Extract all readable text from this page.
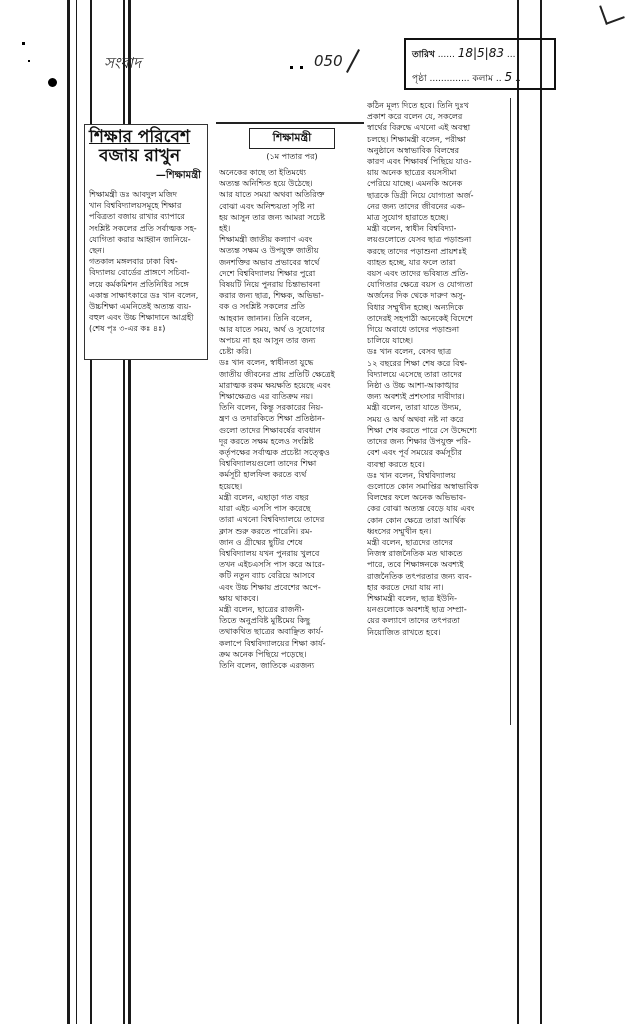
সংবাদ	050	তারিখ ...... 18|5|83 ...
পৃষ্ঠা .............. কলাম .. 5 ..
শিক্ষার পরিবেশ
বজায় রাখুন
—শিক্ষামন্ত্রী
শিক্ষামন্ত্রী ডঃ আবদুল মজিদ
খান বিশ্ববিদ্যালয়সমূহে শিক্ষার
পবিত্রতা বজায় রাখার ব্যাপারে
সংশ্লিষ্ট সকলের প্রতি সর্বাত্মক সহ-
যোগিতা করার আহ্বান জানিয়ে-
ছেন।
গতকাল মঙ্গলবার ঢাকা বিশ্ব-
বিদ্যালয় বোর্ডের প্রাঙ্গণে সচিবা-
লয়ে কর্মকমিশন প্রতিনিধির সঙ্গে
একান্ত সাক্ষাৎকারে ডঃ খান বলেন,
উচ্চশিক্ষা এমনিতেই অত্যন্ত ব্যয়-
বহুল এবং উচ্চ শিক্ষাদানে আগ্রহী
(শেষ পৃঃ ৩-এর কঃ ৪ঃ)
শিক্ষামন্ত্রী
(১ম পাতার পর)
অনেকের কাছে তা ইতিমধ্যে
অত্যন্ত অনিশ্চিত হয়ে উঠেছে।
আর যাতে সময়া অথবা অতিরিক্ত
বোঝা এবং অনিশ্চয়তা সৃষ্টি না
হয় আসুন তার জন্য আমরা সচেষ্ট
হই।
শিক্ষামন্ত্রী জাতীয় কল্যাণ এবং
অত্যন্ত সক্ষম ও উপযুক্ত জাতীয়
জনশক্তির অভাব প্রভাবের স্বার্থে
দেশে বিশ্ববিদ্যালয় শিক্ষার পুরো
বিষয়টি নিয়ে পুনরায় চিন্তাভাবনা
করার জন্য ছাত্র, শিক্ষক, অভিভা-
বক ও সংশ্লিষ্ট সকলের প্রতি
আহবান জানান। তিনি বলেন,
আর যাতে সময়, অর্থ ও সুযোগের
অপচয় না হয় আসুন তার জন্য
চেষ্টা করি।
ডঃ খান বলেন, স্বাধীনতা যুদ্ধে
জাতীয় জীবনের প্রায় প্রতিটি ক্ষেত্রেই
মারাত্মক রকম ক্ষয়ক্ষতি হয়েছে এবং
শিক্ষাক্ষেত্রও এর ব্যতিক্রম নয়।
তিনি বলেন, কিন্তু সরকারের নিয়-
ন্ত্রণ ও তদারকিতে শিক্ষা প্রতিষ্ঠান-
গুলো তাদের শিক্ষাবর্ষের ব্যবধান
দূর করতে সক্ষম হলেও সংশ্লিষ্ট
কর্তৃপক্ষের সর্বাত্মক প্রচেষ্টা সত্ত্বেও
বিশ্ববিদ্যালয়গুলো তাদের শিক্ষা
কর্মসূচী হালফিল করতে ব্যর্থ
হয়েছে।
মন্ত্রী বলেন, এছাড়া গত বছর
যারা এইচ এসসি পাস করেছে
তারা এখনো বিশ্ববিদ্যালয়ে তাদের
ক্লাস শুরু করতে পারেনি। রম-
জান ও গ্রীষ্মের ছুটির শেষে
বিশ্ববিদ্যালয় যখন পুনরায় খুলবে
তখন এইচএসসি পাস করে আরে-
কটি নতুন ব্যাচ বেরিয়ে আসবে
এবং উচ্চ শিক্ষায় প্রবেশের অপে-
ক্ষায় থাকবে।
মন্ত্রী বলেন, ছাত্রের রাজনী-
তিতে অনুপ্রবিষ্ট মুষ্টিমেয় কিছু
তথাকথিত ছাত্রের অবাঞ্ছিত কার্য-
কলাপে বিশ্ববিদ্যালয়ের শিক্ষা কার্য-
ক্রম অনেক পিছিয়ে পড়েছে।
তিনি বলেন, জাতিকে এরজন্য
কঠিন মূল্য দিতে হবে। তিনি দুঃখ
প্রকাশ করে বলেন যে, সকলের
স্বার্থের বিরুদ্ধে এখনো এই অবস্থা
চলছে। শিক্ষামন্ত্রী বলেন, পরীক্ষা
অনুষ্ঠানে অস্বাভাবিক বিলম্বের
কারণ এবং শিক্ষাবর্ষ পিছিয়ে যাও-
য়ায় অনেক ছাত্রের বয়সসীমা
পেরিয়ে যাচ্ছে। এমনকি অনেক
ছাত্রকে ডিগ্রী নিয়ে যোগ্যতা অর্জ-
নের জন্য তাদের জীবনের এক-
মাত্র সুযোগ হারাতে হচ্ছে।
মন্ত্রী বলেন, স্বাধীন বিশ্ববিদ্যা-
লয়গুলোতে যেসব ছাত্র পড়াশুনা
করছে তাদের পড়াশুনা প্রায়শঃই
ব্যাহত হচ্ছে, যার ফলে তারা
বয়স এবং তাদের ভবিষ্যত প্রতি-
যোগিতার ক্ষেত্রে বয়স ও যোগ্যতা
অর্জনের দিক থেকে দারুণ অসু-
বিধার সম্মুখীন হচ্ছে। অন্যদিকে
তাদেরই সহপাঠী অনেকেই বিদেশে
গিয়ে অবাধে তাদের পড়াশুনা
চালিয়ে যাচ্ছে।
ডঃ খান বলেন, বেসব ছাত্র
১২ বছরের শিক্ষা শেষ করে বিশ্ব-
বিদ্যালয়ে এসেছে তারা তাদের
নিষ্ঠা ও উচ্চ আশা-আকাঙ্খার
জন্য অবশ্যই প্রশংসার দাবীদার।
মন্ত্রী বলেন, তারা যাতে উদ্যম,
সময় ও অর্থ অথবা নষ্ট না করে
শিক্ষা শেষ করতে পারে সে উদ্দেশ্যে
তাদের জন্য শিক্ষার উপযুক্ত পরি-
বেশ এবং পূর্ব সময়ের কর্মসূচীর
ব্যবস্থা করতে হবে।
ডঃ খান বলেন, বিশ্ববিদ্যালয়
গুলোতে কোন সমাপ্তির অস্বাভাবিক
বিলম্বের ফলে অনেক অভিভাব-
কের বোঝা অত্যন্ত বেড়ে যায় এবং
কোন কোন ক্ষেত্রে তারা আর্থিক
ধ্বংসের সম্মুখীন হন।
মন্ত্রী বলেন, ছাত্রদের তাদের
নিজস্ব রাজনৈতিক মত থাকতে
পারে, তবে শিক্ষাঙ্গনকে অবশ্যই
রাজনৈতিক তৎপরতার জন্য ব্যব-
হার করতে দেয়া যায় না।
শিক্ষামন্ত্রী বলেন, ছাত্র ইউনি-
য়নগুলোকে অবশ্যই ছাত্র সম্প্রা-
য়ের কল্যাণে তাদের তৎপরতা
নিয়োজিত রাখতে হবে।
